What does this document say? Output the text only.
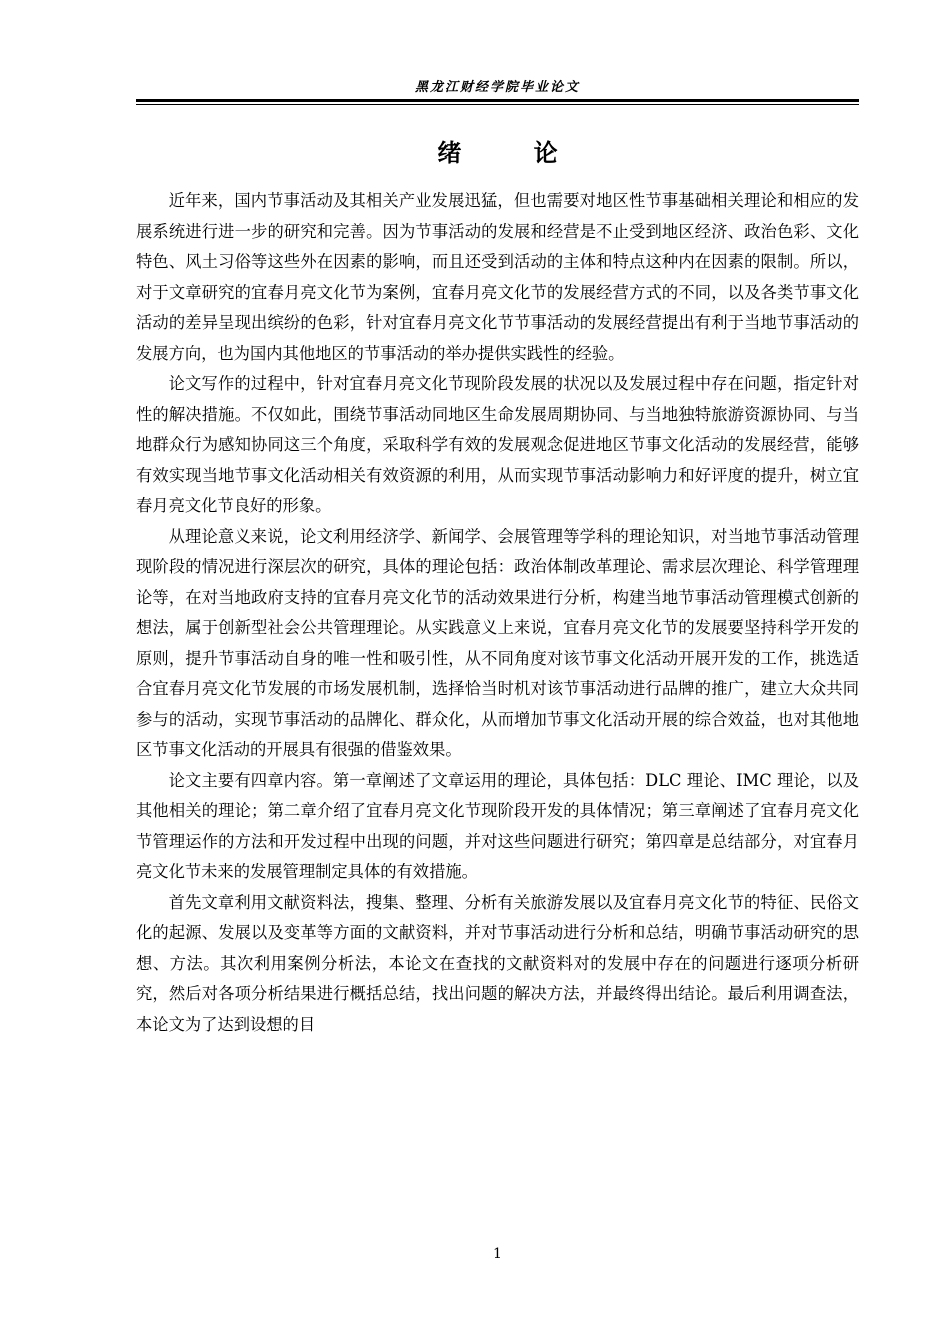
黑龙江财经学院毕业论文
绪 论

近年来，国内节事活动及其相关产业发展迅猛，但也需要对地区性节事基础相关理论和相应的发展系统进行进一步的研究和完善。因为节事活动的发展和经营是不止受到地区经济、政治色彩、文化特色、风土习俗等这些外在因素的影响，而且还受到活动的主体和特点这种内在因素的限制。所以，对于文章研究的宜春月亮文化节为案例，宜春月亮文化节的发展经营方式的不同，以及各类节事文化活动的差异呈现出缤纷的色彩，针对宜春月亮文化节节事活动的发展经营提出有利于当地节事活动的发展方向，也为国内其他地区的节事活动的举办提供实践性的经验。

论文写作的过程中，针对宜春月亮文化节现阶段发展的状况以及发展过程中存在问题，指定针对性的解决措施。不仅如此，围绕节事活动同地区生命发展周期协同、与当地独特旅游资源协同、与当地群众行为感知协同这三个角度，采取科学有效的发展观念促进地区节事文化活动的发展经营，能够有效实现当地节事文化活动相关有效资源的利用，从而实现节事活动影响力和好评度的提升，树立宜春月亮文化节良好的形象。

从理论意义来说，论文利用经济学、新闻学、会展管理等学科的理论知识，对当地节事活动管理现阶段的情况进行深层次的研究，具体的理论包括：政治体制改革理论、需求层次理论、科学管理理论等，在对当地政府支持的宜春月亮文化节的活动效果进行分析，构建当地节事活动管理模式创新的想法，属于创新型社会公共管理理论。从实践意义上来说，宜春月亮文化节的发展要坚持科学开发的原则，提升节事活动自身的唯一性和吸引性，从不同角度对该节事文化活动开展开发的工作，挑选适合宜春月亮文化节发展的市场发展机制，选择恰当时机对该节事活动进行品牌的推广，建立大众共同参与的活动，实现节事活动的品牌化、群众化，从而增加节事文化活动开展的综合效益，也对其他地区节事文化活动的开展具有很强的借鉴效果。

论文主要有四章内容。第一章阐述了文章运用的理论，具体包括：DLC 理论、IMC 理论，以及其他相关的理论；第二章介绍了宜春月亮文化节现阶段开发的具体情况；第三章阐述了宜春月亮文化节管理运作的方法和开发过程中出现的问题，并对这些问题进行研究；第四章是总结部分，对宜春月亮文化节未来的发展管理制定具体的有效措施。

首先文章利用文献资料法，搜集、整理、分析有关旅游发展以及宜春月亮文化节的特征、民俗文化的起源、发展以及变革等方面的文献资料，并对节事活动进行分析和总结，明确节事活动研究的思想、方法。其次利用案例分析法，本论文在查找的文献资料对的发展中存在的问题进行逐项分析研究，然后对各项分析结果进行概括总结，找出问题的解决方法，并最终得出结论。最后利用调查法，本论文为了达到设想的目

1
